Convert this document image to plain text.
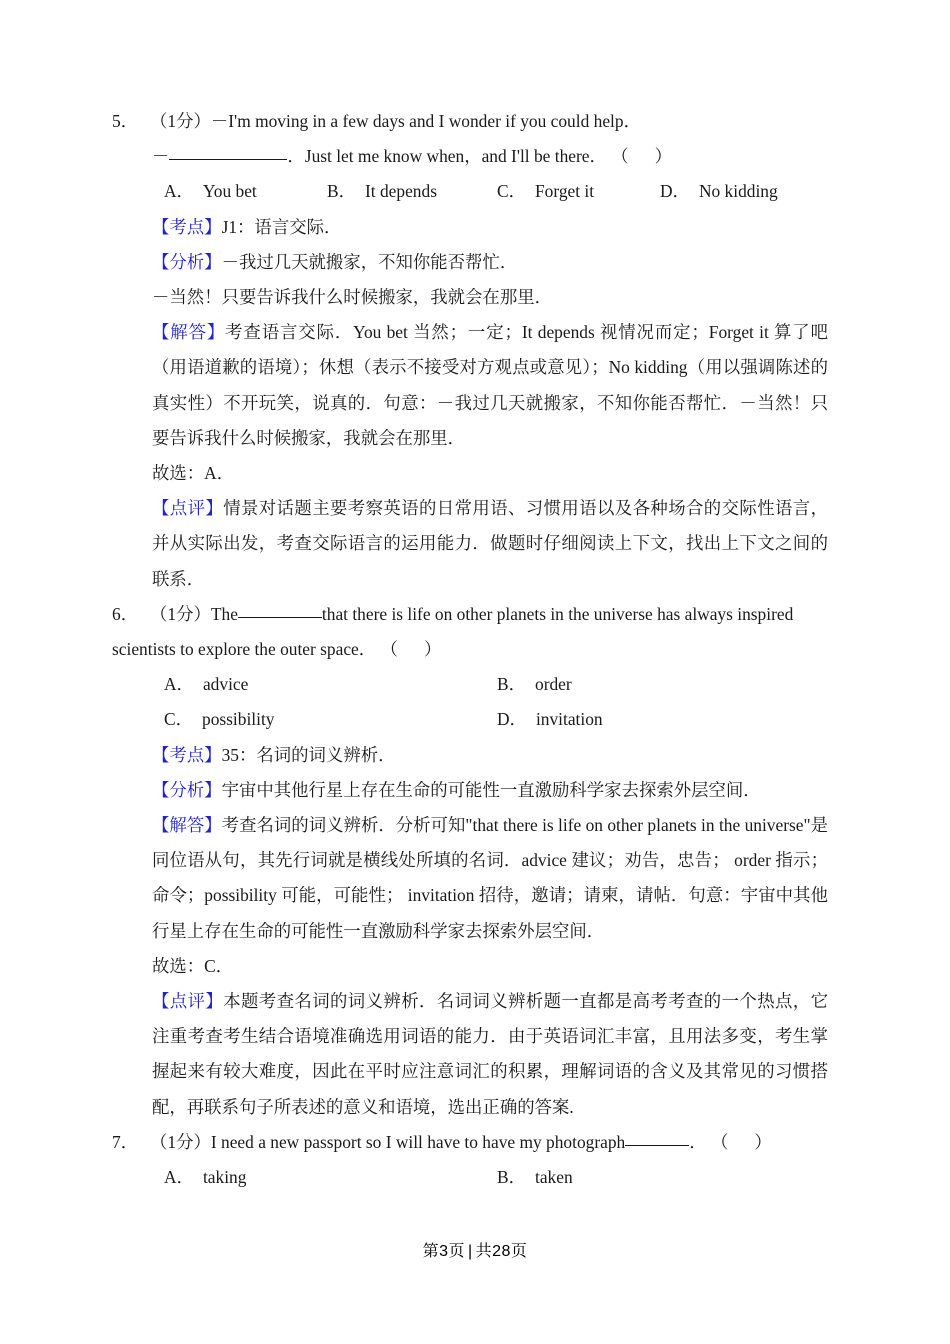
5． （1分）－I'm moving in a few days and I wonder if you could help．
－	．Just let me know when，and I'll be there． （ ）
A． You bet	B． It depends	C． Forget it	D． No kidding
【考点】J1：语言交际．
【分析】－我过几天就搬家，不知你能否帮忙．
－当然！只要告诉我什么时候搬家，我就会在那里．
【解答】考查语言交际．You bet 当然；一定；It depends 视情况而定；Forget it 算了吧（用语道歉的语境）；休想（表示不接受对方观点或意见）；No kidding（用以强调陈述的真实性）不开玩笑，说真的．句意：－我过几天就搬家，不知你能否帮忙．－当然！只要告诉我什么时候搬家，我就会在那里．
故选：A．
【点评】情景对话题主要考察英语的日常用语、习惯用语以及各种场合的交际性语言，并从实际出发，考查交际语言的运用能力．做题时仔细阅读上下文，找出上下文之间的联系．
6． （1分）The	that there is life on other planets in the universe has always inspired scientists to explore the outer space． （ ）
A． advice	B． order
C． possibility	D． invitation
【考点】35：名词的词义辨析．
【分析】宇宙中其他行星上存在生命的可能性一直激励科学家去探索外层空间．
【解答】考查名词的词义辨析．分析可知"that there is life on other planets in the universe"是同位语从句，其先行词就是横线处所填的名词．advice 建议；劝告，忠告； order 指示；命令；possibility 可能，可能性； invitation 招待，邀请；请柬，请帖．句意：宇宙中其他行星上存在生命的可能性一直激励科学家去探索外层空间．
故选：C．
【点评】本题考查名词的词义辨析．名词词义辨析题一直都是高考考查的一个热点，它注重考查考生结合语境准确选用词语的能力．由于英语词汇丰富，且用法多变，考生掌握起来有较大难度，因此在平时应注意词汇的积累，理解词语的含义及其常见的习惯搭配，再联系句子所表述的意义和语境，选出正确的答案.
7． （1分）I need a new passport so I will have to have my photograph	． （ ）
A． taking	B． taken
第3页 | 共28页
